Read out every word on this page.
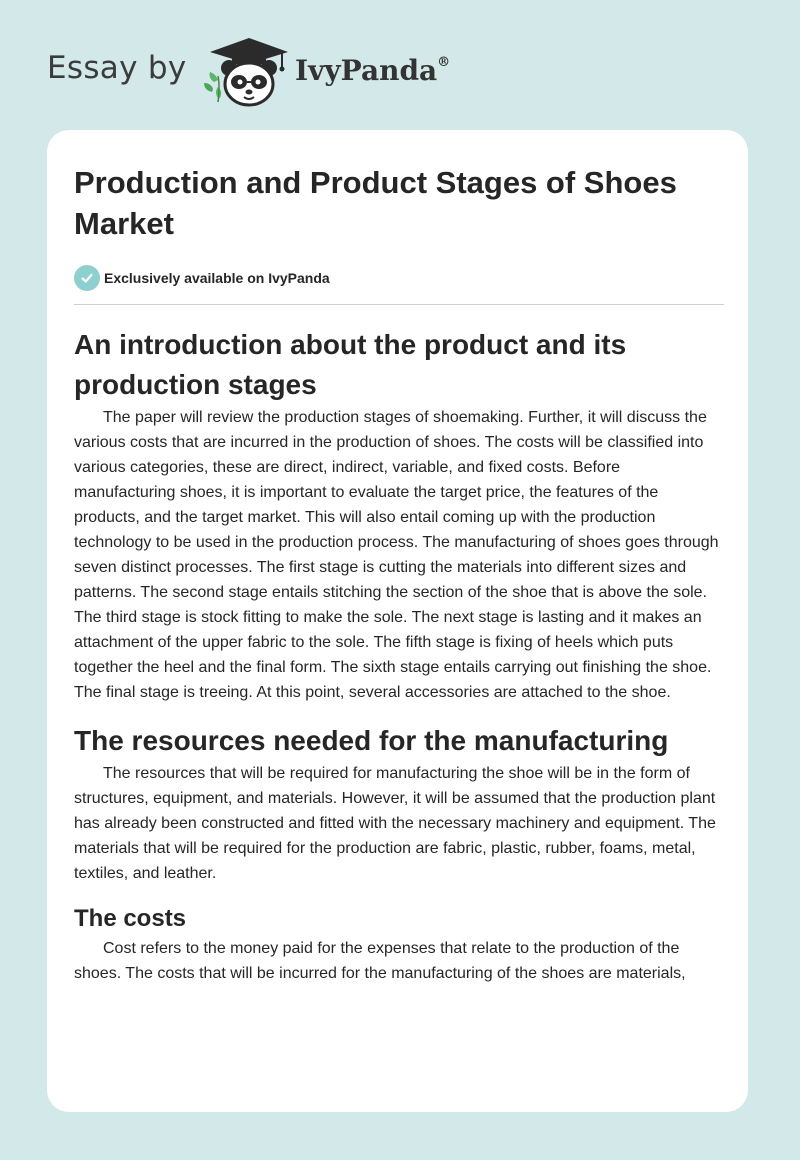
Essay by	IvyPanda®
Production and Product Stages of Shoes Market
Exclusively available on IvyPanda
An introduction about the product and its production stages

The paper will review the production stages of shoemaking. Further, it will discuss the various costs that are incurred in the production of shoes. The costs will be classified into various categories, these are direct, indirect, variable, and fixed costs. Before manufacturing shoes, it is important to evaluate the target price, the features of the products, and the target market. This will also entail coming up with the production technology to be used in the production process. The manufacturing of shoes goes through seven distinct processes. The first stage is cutting the materials into different sizes and patterns. The second stage entails stitching the section of the shoe that is above the sole. The third stage is stock fitting to make the sole. The next stage is lasting and it makes an attachment of the upper fabric to the sole. The fifth stage is fixing of heels which puts together the heel and the final form. The sixth stage entails carrying out finishing the shoe. The final stage is treeing. At this point, several accessories are attached to the shoe.

The resources needed for the manufacturing

The resources that will be required for manufacturing the shoe will be in the form of structures, equipment, and materials. However, it will be assumed that the production plant has already been constructed and fitted with the necessary machinery and equipment. The materials that will be required for the production are fabric, plastic, rubber, foams, metal, textiles, and leather.

The costs

Cost refers to the money paid for the expenses that relate to the production of the shoes. The costs that will be incurred for the manufacturing of the shoes are materials,
